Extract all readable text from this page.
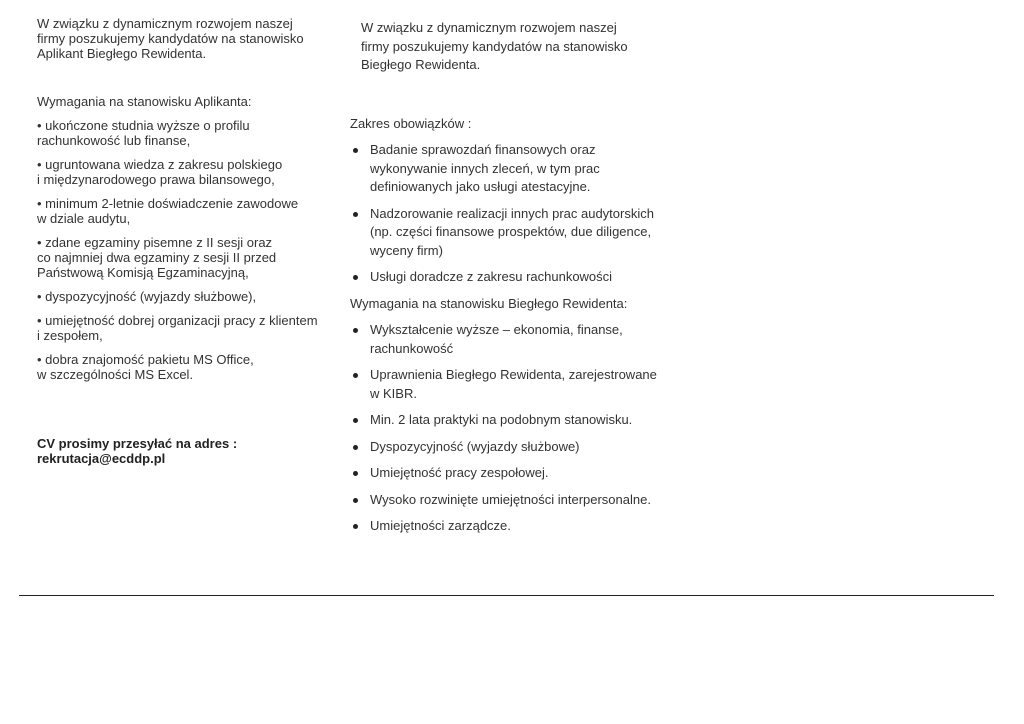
W związku z dynamicznym rozwojem naszej
firmy poszukujemy kandydatów na stanowisko
Aplikant Biegłego Rewidenta.

Wymagania na stanowisku Aplikanta:

• ukończone studnia wyższe o profilu
rachunkowość lub finanse,

• ugruntowana wiedza z zakresu polskiego
i międzynarodowego prawa bilansowego,

• minimum 2-letnie doświadczenie zawodowe
w dziale audytu,

• zdane egzaminy pisemne z II sesji oraz
co najmniej dwa egzaminy z sesji II przed
Państwową Komisją Egzaminacyjną,

• dyspozycyjność (wyjazdy służbowe),

• umiejętność dobrej organizacji pracy z klientem
i zespołem,

• dobra znajomość pakietu MS Office,
w szczególności MS Excel.

CV prosimy przesyłać na adres :
rekrutacja@ecddp.pl

W związku z dynamicznym rozwojem naszej
firmy poszukujemy kandydatów na stanowisko
Biegłego Rewidenta.

Zakres obowiązków :

Badanie sprawozdań finansowych oraz
wykonywanie innych zleceń, w tym prac
definiowanych jako usługi atestacyjne.
Nadzorowanie realizacji innych prac audytorskich
(np. części finansowe prospektów, due diligence,
wyceny firm)
Usługi doradcze z zakresu rachunkowości

Wymagania na stanowisku Biegłego Rewidenta:

Wykształcenie wyższe – ekonomia, finanse,
rachunkowość
Uprawnienia Biegłego Rewidenta, zarejestrowane
w KIBR.
Min. 2 lata praktyki na podobnym stanowisku.
Dyspozycyjność (wyjazdy służbowe)
Umiejętność pracy zespołowej.
Wysoko rozwinięte umiejętności interpersonalne.
Umiejętności zarządcze.
